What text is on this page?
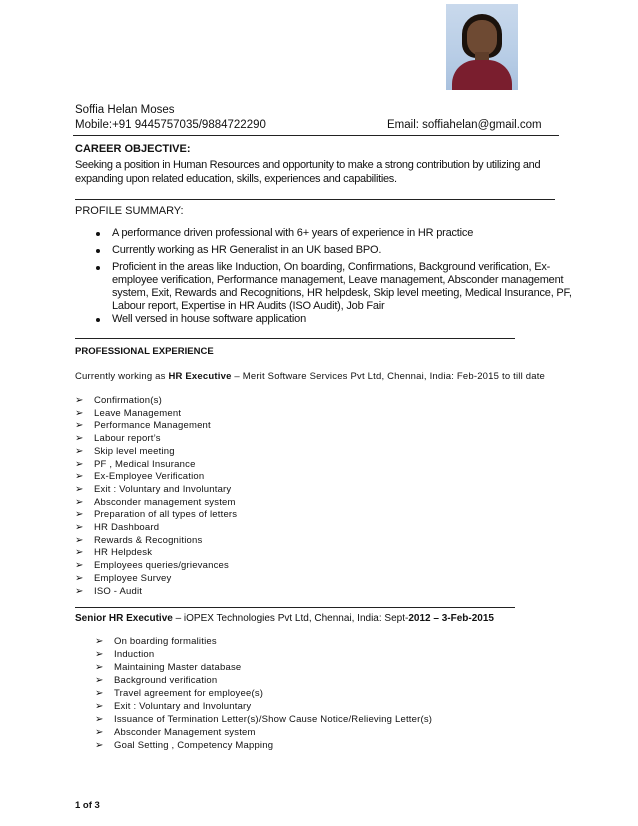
Soffia Helan Moses
Mobile:+91 9445757035/9884722290	Email: soffiahelan@gmail.com
CAREER OBJECTIVE:
Seeking a position in Human Resources and opportunity to make a strong contribution by utilizing and
expanding upon related education, skills, experiences and capabilities.
PROFILE SUMMARY:
A performance driven professional with 6+ years of experience in HR practice
Currently working as HR Generalist in an UK based BPO.
Proficient in the areas like Induction, On boarding, Confirmations, Background verification, Ex-
employee verification, Performance management, Leave management, Absconder management
system, Exit, Rewards and Recognitions, HR helpdesk, Skip level meeting, Medical Insurance, PF,
Labour report, Expertise in HR Audits (ISO Audit), Job Fair
Well versed in house software application
PROFESSIONAL EXPERIENCE
Currently working as HR Executive – Merit Software Services Pvt Ltd, Chennai, India: Feb-2015 to till date
➢ Confirmation(s)
➢ Leave Management
➢ Performance Management
➢ Labour report’s
➢ Skip level meeting
➢ PF , Medical Insurance
➢ Ex-Employee Verification
➢ Exit : Voluntary and Involuntary
➢ Absconder management system
➢ Preparation of all types of letters
➢ HR Dashboard
➢ Rewards & Recognitions
➢ HR Helpdesk
➢ Employees queries/grievances
➢ Employee Survey
➢ ISO - Audit
Senior HR Executive – iOPEX Technologies Pvt Ltd, Chennai, India: Sept-2012 – 3-Feb-2015
➢ On boarding formalities
➢ Induction
➢ Maintaining Master database
➢ Background verification
➢ Travel agreement for employee(s)
➢ Exit : Voluntary and Involuntary
➢ Issuance of Termination Letter(s)/Show Cause Notice/Relieving Letter(s)
➢ Absconder Management system
➢ Goal Setting , Competency Mapping
1 of 3
